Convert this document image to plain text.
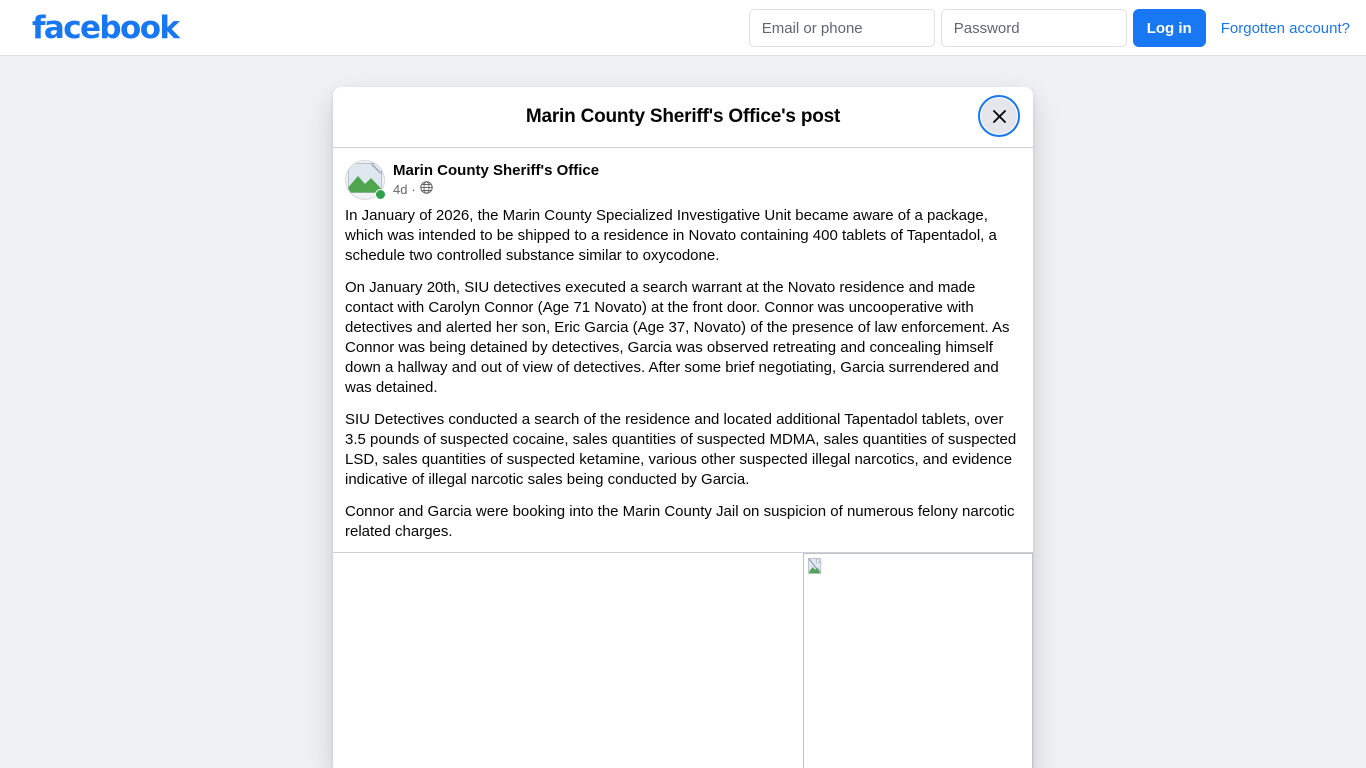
facebook
Email or phone	Log in	Forgotten account?
Marin County Sheriff's Office's post
Marin County Sheriff's Office
4d ·

In January of 2026, the Marin County Specialized Investigative Unit became aware of a package, which was intended to be shipped to a residence in Novato containing 400 tablets of Tapentadol, a schedule two controlled substance similar to oxycodone.

On January 20th, SIU detectives executed a search warrant at the Novato residence and made contact with Carolyn Connor (Age 71 Novato) at the front door. Connor was uncooperative with detectives and alerted her son, Eric Garcia (Age 37, Novato) of the presence of law enforcement. As Connor was being detained by detectives, Garcia was observed retreating and concealing himself down a hallway and out of view of detectives. After some brief negotiating, Garcia surrendered and was detained.

SIU Detectives conducted a search of the residence and located additional Tapentadol tablets, over 3.5 pounds of suspected cocaine, sales quantities of suspected MDMA, sales quantities of suspected LSD, sales quantities of suspected ketamine, various other suspected illegal narcotics, and evidence indicative of illegal narcotic sales being conducted by Garcia.

Connor and Garcia were booking into the Marin County Jail on suspicion of numerous felony narcotic related charges.
